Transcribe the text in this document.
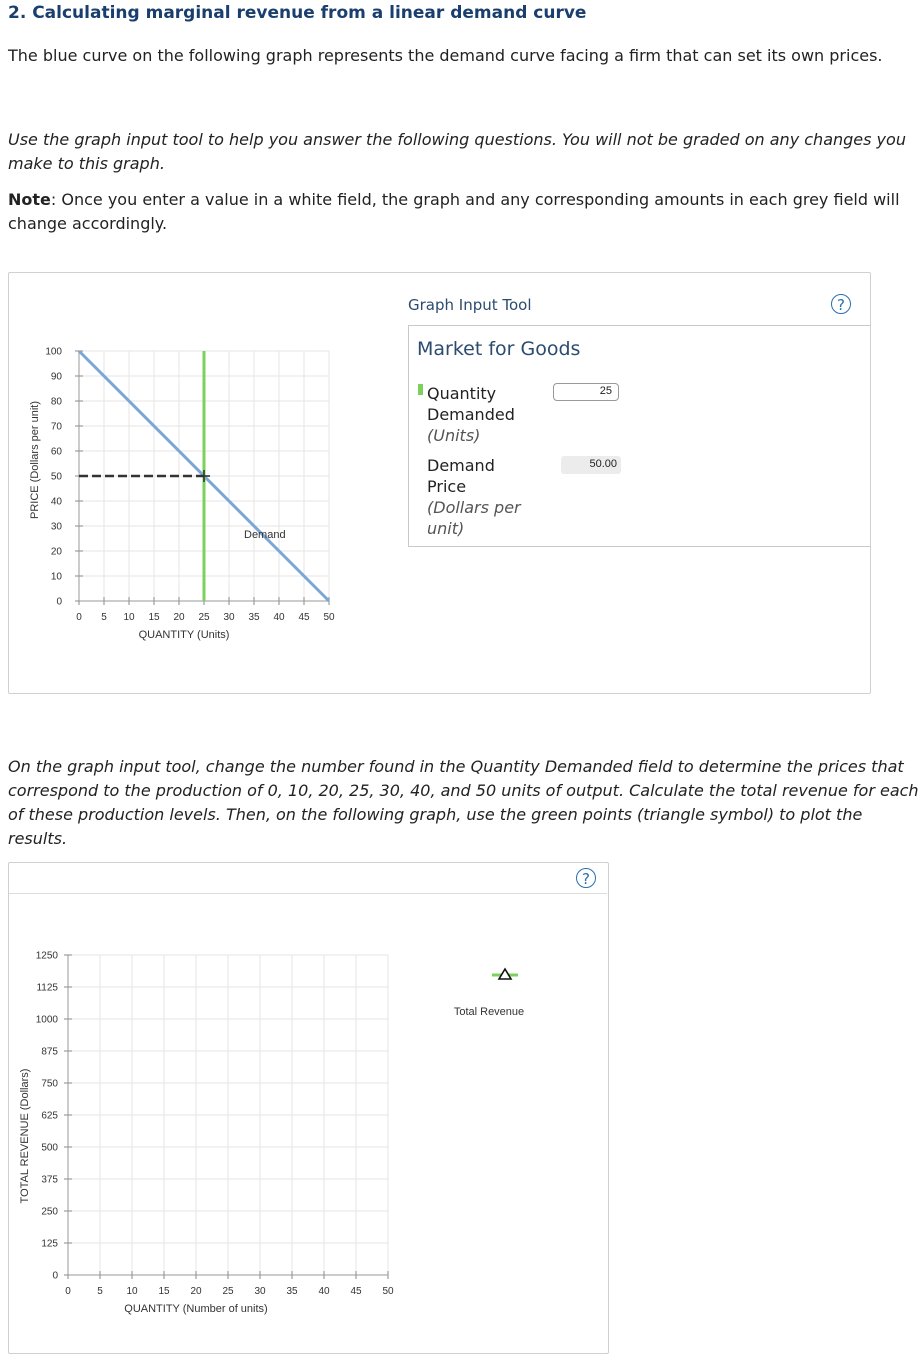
2. Calculating marginal revenue from a linear demand curve
The blue curve on the following graph represents the demand curve facing a firm that can set its own prices.
Use the graph input tool to help you answer the following questions. You will not be graded on any changes you make to this graph.
Note: Once you enter a value in a white field, the graph and any corresponding amounts in each grey field will change accordingly.
0 5 10 15 20 25 30 35 40 45 50
0
10
20
30
40
50
60
70
80
90
100
PRICE (Dollars per unit)
QUANTITY (Units)
Demand
Graph Input Tool	?
Market for Goods
Quantity
Demanded
(Units)
25
Demand
Price
(Dollars per
unit)
50.00
On the graph input tool, change the number found in the Quantity Demanded field to determine the prices that correspond to the production of 0, 10, 20, 25, 30, 40, and 50 units of output. Calculate the total revenue for each of these production levels. Then, on the following graph, use the green points (triangle symbol) to plot the results.
?
0	5 10 15 20 25 30 35 40 45 50
0
125
250
375
500
625
750
875
1000
1125
1250
TOTAL REVENUE (Dollars)
QUANTITY (Number of units)
Total Revenue
